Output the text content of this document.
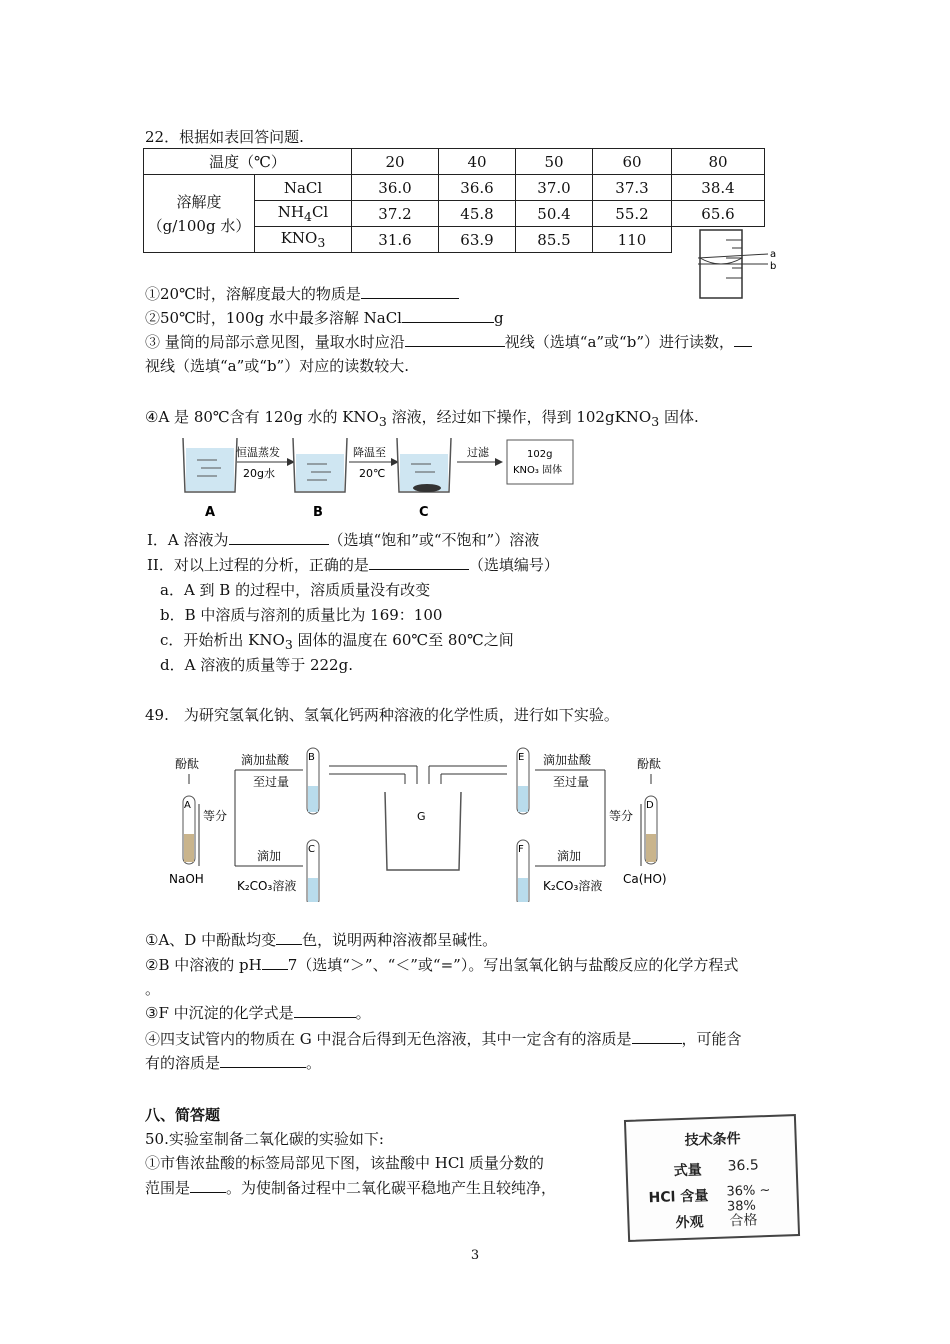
22．根据如表回答问题.
温度（℃）		20	40	50	60	80
溶解度
（g/100g 水）	NaCl	36.0	36.6	37.0	37.3	38.4
	$NH_4Cl$	37.2	45.8	50.4	55.2	65.6
	$KNO_3$	31.6	63.9	85.5	110	
a
b
①20℃时，溶解度最大的物质是
②50℃时，100g 水中最多溶解 NaCl	g
③ 量筒的局部示意见图，量取水时应沿	视线（选填“a”或“b”）进行读数，
视线（选填“a”或“b”）对应的读数较大.
④A 是 80℃含有 120g 水的 $KNO_3$ 溶液，经过如下操作，得到 102gKNO$_3$ 固体.
恒温蒸发
20g水
降温至
20℃
过滤	102g
KNO₃ 固体
A	B	C
I．A 溶液为	（选填“饱和”或“不饱和”）溶液
II．对以上过程的分析，正确的是	（选填编号）
a．A 到 B 的过程中，溶质质量没有改变
b．B 中溶质与溶剂的质量比为 169：100
c．开始析出 $KNO_3$ 固体的温度在 60℃至 80℃之间
d．A 溶液的质量等于 222g.
49.　为研究氢氧化钠、氢氧化钙两种溶液的化学性质，进行如下实验。
酚酞
A
NaOH
等分
滴加盐酸
至过量
滴加
K₂CO₃溶液
B
C
G
E
F
滴加盐酸
至过量
滴加
K₂CO₃溶液
等分
酚酞
D
Ca(HO)
①A、D 中酚酞均变 色，说明两种溶液都呈碱性。
②B 中溶液的 pH 7（选填“＞”、“＜”或“=”）。写出氢氧化钠与盐酸反应的化学方程式
。
③F 中沉淀的化学式是	。
④四支试管内的物质在 G 中混合后得到无色溶液，其中一定含有的溶质是	，可能含
有的溶质是	。
八、简答题
50.实验室制备二氧化碳的实验如下:
①市售浓盐酸的标签局部见下图，该盐酸中 HCl 质量分数的
范围是 。为使制备过程中二氧化碳平稳地产生且较纯净，
技术条件
式量 36.5
HCl 含量 36% ~ 38%
外观 合格
3
